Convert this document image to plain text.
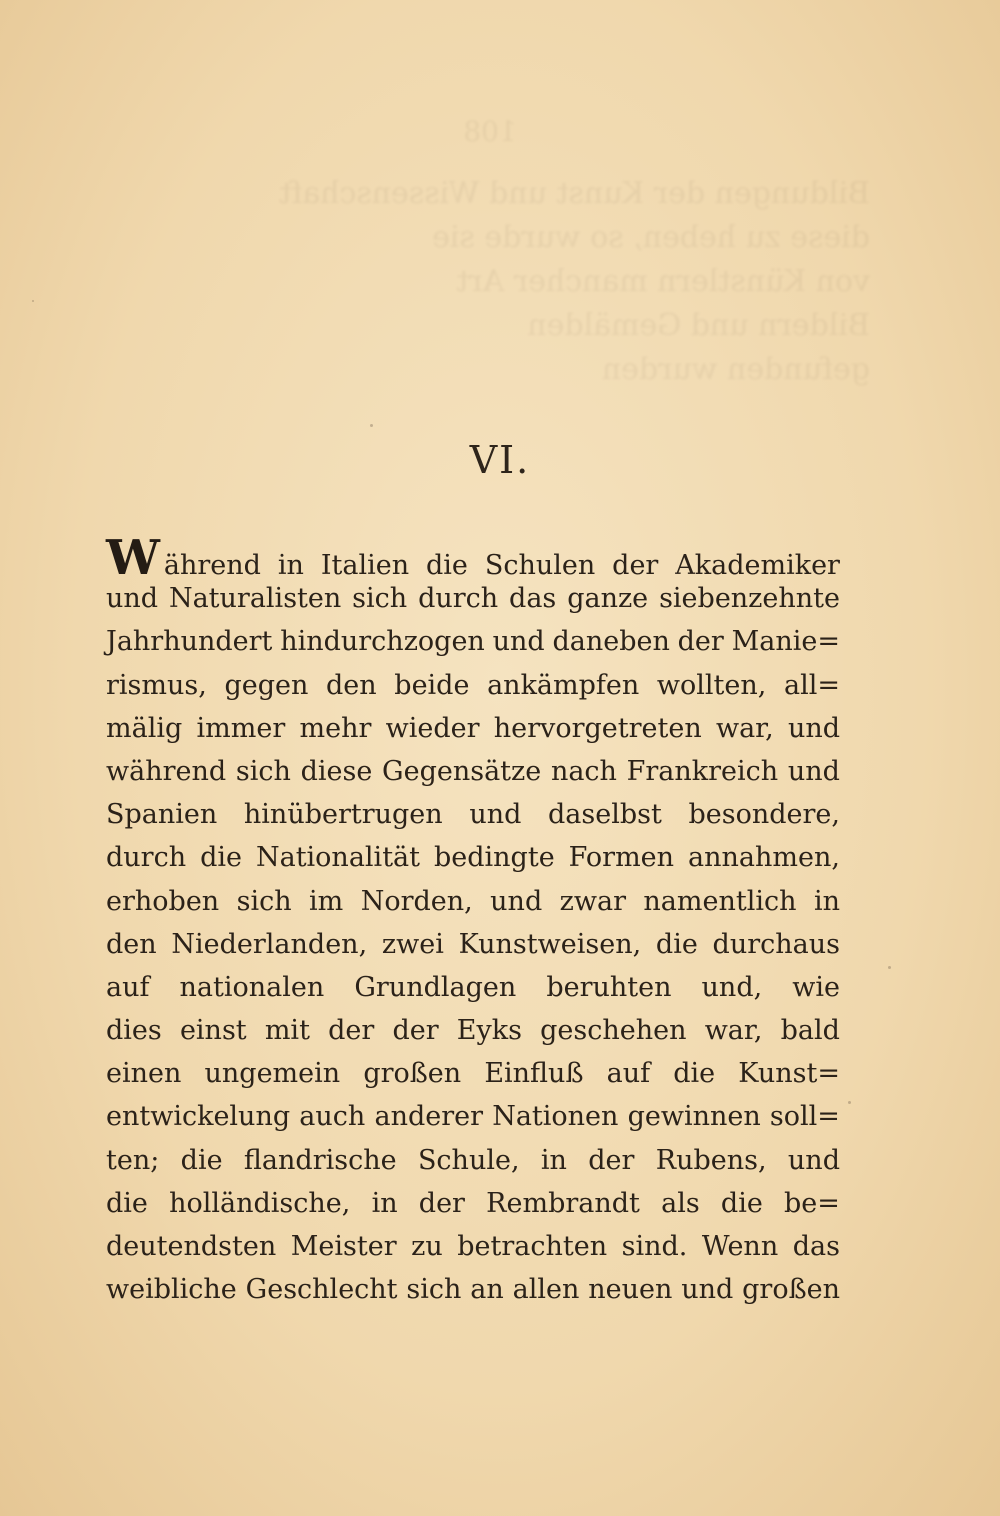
108
Bildungen der Kunst und Wissenschaft
diese zu heben, so wurde sie
von Künstlern mancher Art
Bildern und Gemälden
gefunden wurden
VI.
W ährend in Italien die Schulen der Akademiker
und Naturalisten sich durch das ganze siebenzehnte
Jahrhundert hindurchzogen und daneben der Manie=
rismus, gegen den beide ankämpfen wollten, all=
mälig immer mehr wieder hervorgetreten war, und
während sich diese Gegensätze nach Frankreich und
Spanien hinübertrugen und daselbst besondere,
durch die Nationalität bedingte Formen annahmen,
erhoben sich im Norden, und zwar namentlich in
den Niederlanden, zwei Kunstweisen, die durchaus
auf nationalen Grundlagen beruhten und, wie
dies einst mit der der Eyks geschehen war, bald
einen ungemein großen Einfluß auf die Kunst=
entwickelung auch anderer Nationen gewinnen soll=
ten; die flandrische Schule, in der Rubens, und
die holländische, in der Rembrandt als die be=
deutendsten Meister zu betrachten sind. Wenn das
weibliche Geschlecht sich an allen neuen und großen
